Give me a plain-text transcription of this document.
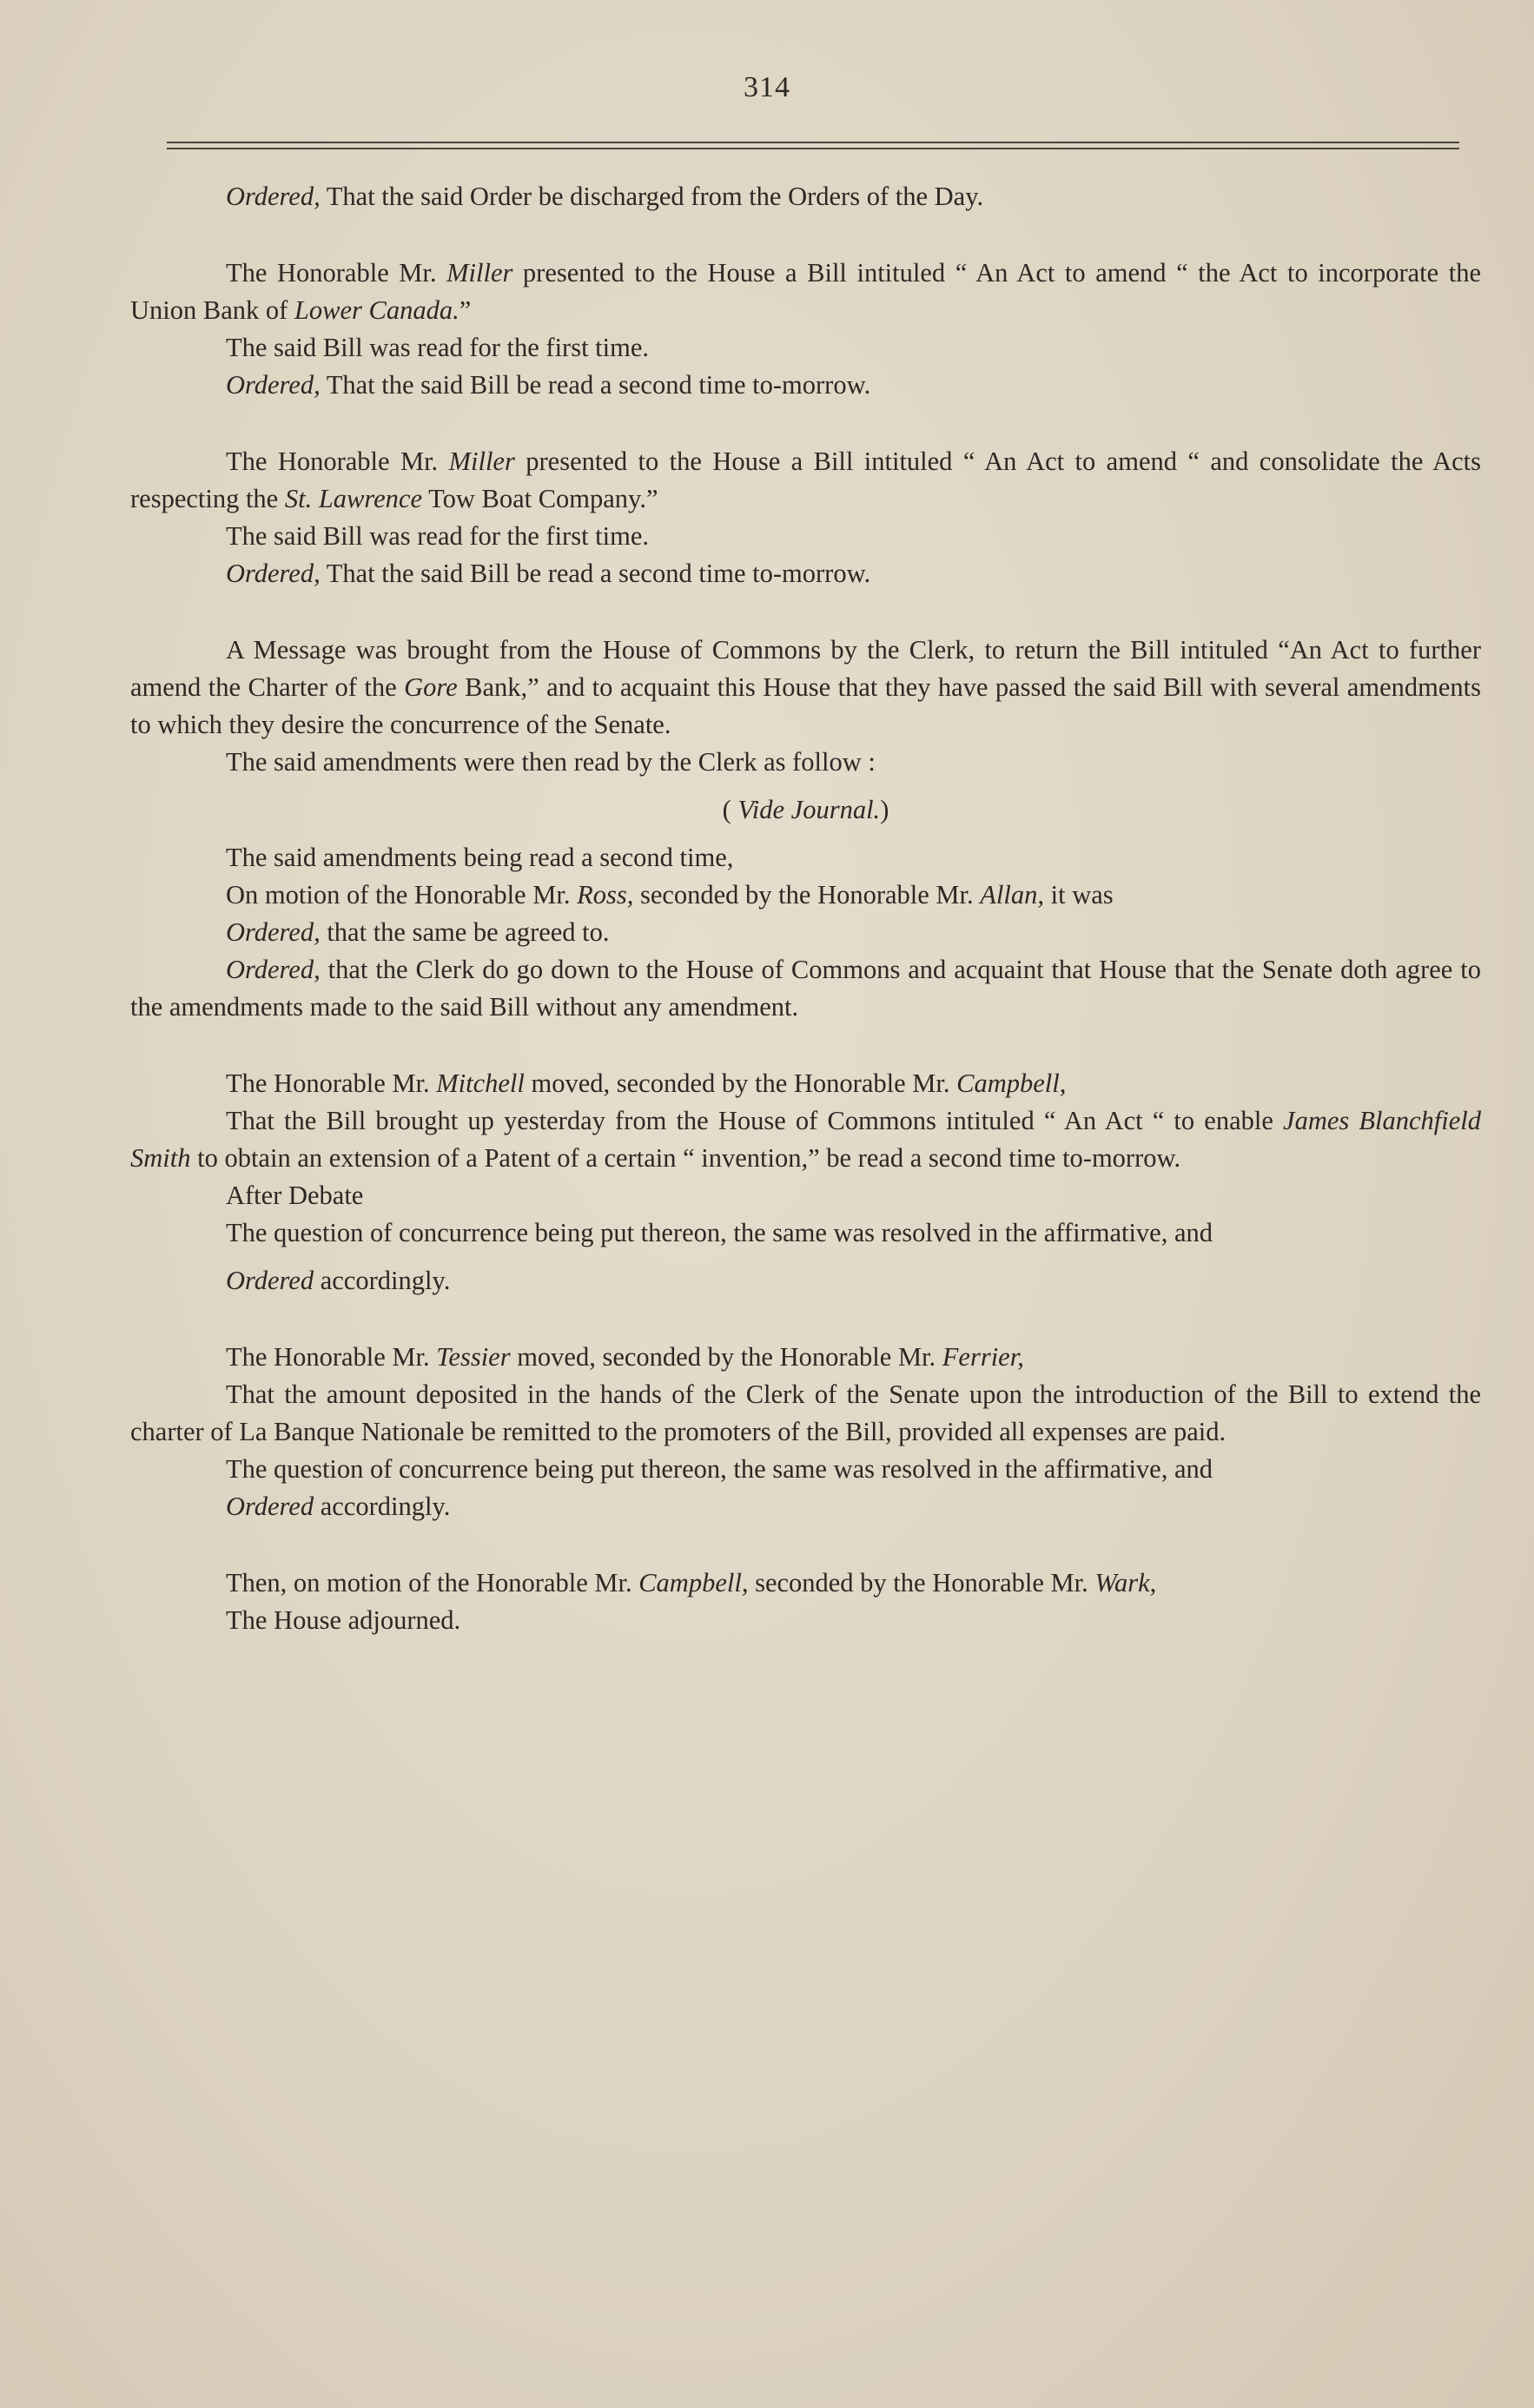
314

Ordered, That the said Order be discharged from the Orders of the Day.

The Honorable Mr. Miller presented to the House a Bill intituled “ An Act to amend “ the Act to incorporate the Union Bank of Lower Canada.”

The said Bill was read for the first time.

Ordered, That the said Bill be read a second time to-morrow.

The Honorable Mr. Miller presented to the House a Bill intituled “ An Act to amend “ and consolidate the Acts respecting the St. Lawrence Tow Boat Company.”

The said Bill was read for the first time.

Ordered, That the said Bill be read a second time to-morrow.

A Message was brought from the House of Commons by the Clerk, to return the Bill intituled “An Act to further amend the Charter of the Gore Bank,” and to acquaint this House that they have passed the said Bill with several amendments to which they desire the concurrence of the Senate.

The said amendments were then read by the Clerk as follow :

( Vide Journal.)

The said amendments being read a second time,

On motion of the Honorable Mr. Ross, seconded by the Honorable Mr. Allan, it was

Ordered, that the same be agreed to.

Ordered, that the Clerk do go down to the House of Commons and acquaint that House that the Senate doth agree to the amendments made to the said Bill without any amendment.

The Honorable Mr. Mitchell moved, seconded by the Honorable Mr. Campbell,

That the Bill brought up yesterday from the House of Commons intituled “ An Act “ to enable James Blanchfield Smith to obtain an extension of a Patent of a certain “ invention,” be read a second time to-morrow.

After Debate

The question of concurrence being put thereon, the same was resolved in the affirmative, and

Ordered accordingly.

The Honorable Mr. Tessier moved, seconded by the Honorable Mr. Ferrier,

That the amount deposited in the hands of the Clerk of the Senate upon the introduction of the Bill to extend the charter of La Banque Nationale be remitted to the promoters of the Bill, provided all expenses are paid.

The question of concurrence being put thereon, the same was resolved in the affirmative, and

Ordered accordingly.

Then, on motion of the Honorable Mr. Campbell, seconded by the Honorable Mr. Wark,

The House adjourned.
